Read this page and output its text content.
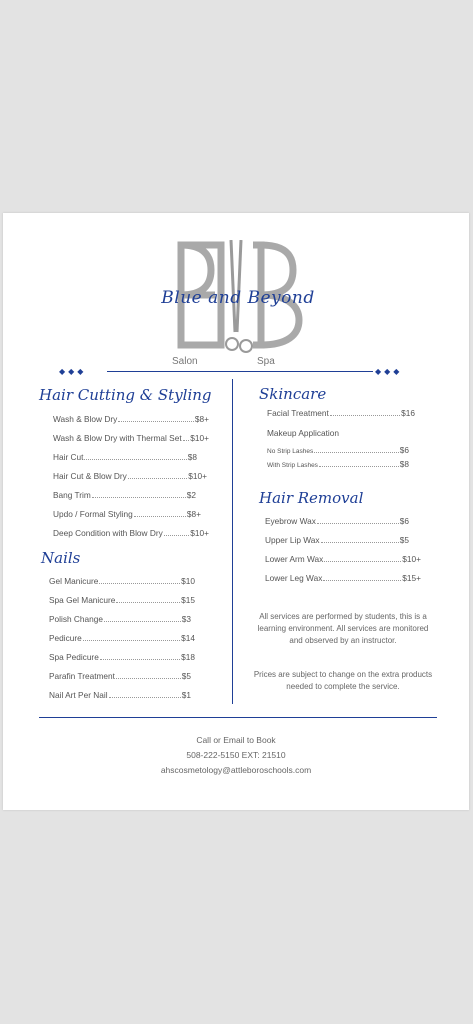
Blue and Beyond
Salon	Spa
◆◆◆	◆◆◆
Hair Cutting & Styling
Wash & Blow Dry	$8+
Wash & Blow Dry with Thermal Set $10+
Hair Cut	$8
Hair Cut & Blow Dry	$10+
Bang Trim	$2
Updo / Formal Styling	$8+
Deep Condition with Blow Dry	$10+
Nails
Gel Manicure	$10
Spa Gel Manicure	$15
Polish Change	$3
Pedicure	$14
Spa Pedicure	$18
Parafin Treatment	$5
Nail Art Per Nail	$1
Skincare
Facial Treatment	$16
Makeup Application
No Strip Lashes	$6
With Strip Lashes	$8
Hair Removal
Eyebrow Wax	$6
Upper Lip Wax	$5
Lower Arm Wax	$10+
Lower Leg Wax	$15+
All services are performed by students, this is a learning environment. All services are monitored and observed by an instructor.
Prices are subject to change on the extra products needed to complete the service.
Call or Email to Book
508-222-5150 EXT: 21510
ahscosmetology@attleboroschools.com
